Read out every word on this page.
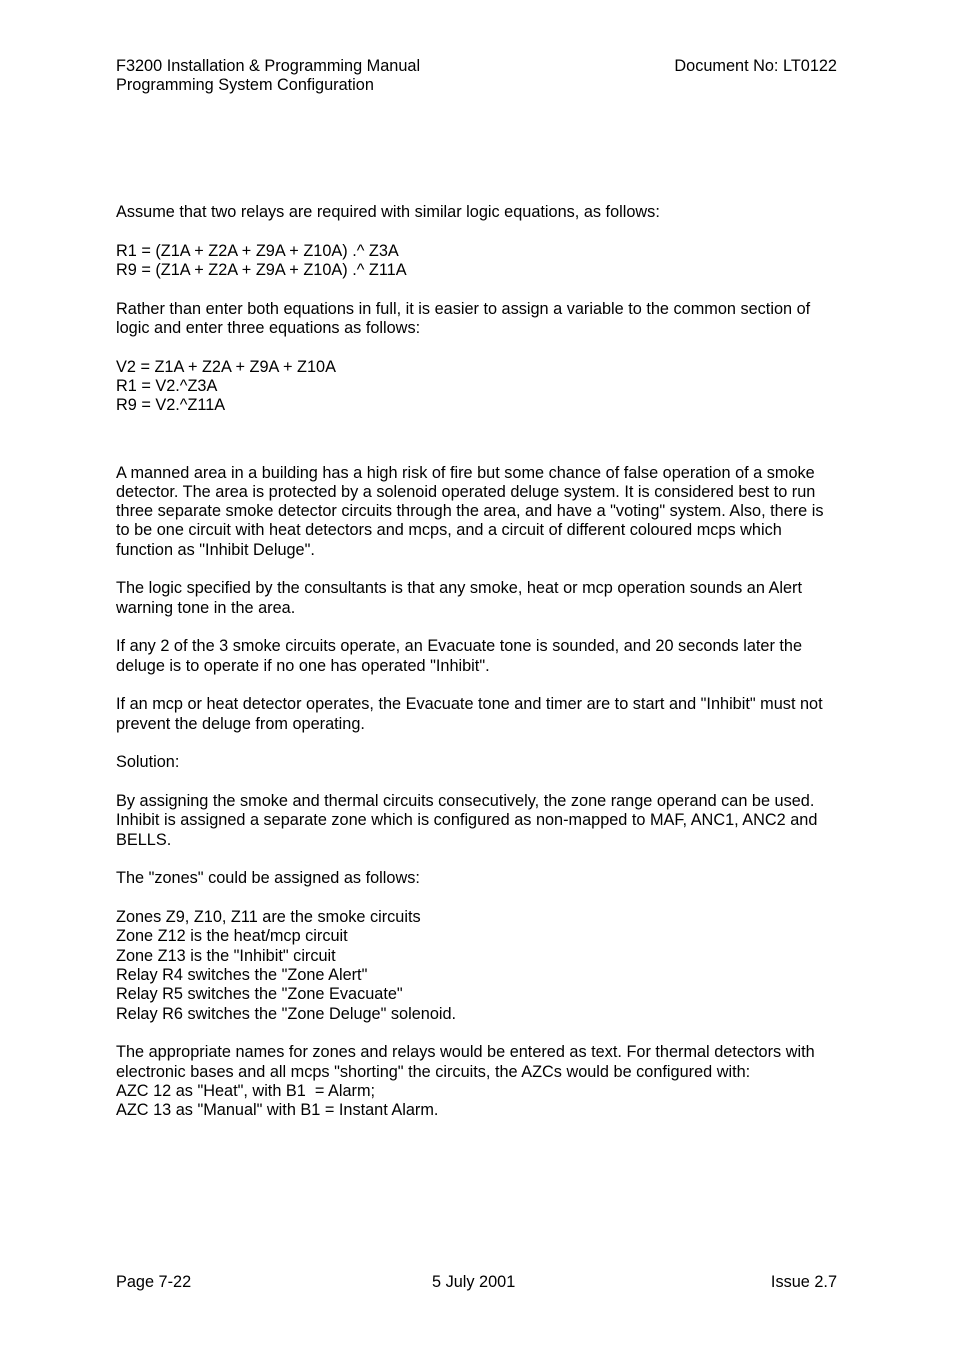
F3200 Installation & Programming Manual	Document No: LT0122
Programming System Configuration

Assume that two relays are required with similar logic equations, as follows:

R1 = (Z1A + Z2A + Z9A + Z10A) .^ Z3A
R9 = (Z1A + Z2A + Z9A + Z10A) .^ Z11A

Rather than enter both equations in full, it is easier to assign a variable to the common section of logic and enter three equations as follows:

V2 = Z1A + Z2A + Z9A + Z10A
R1 = V2.^Z3A
R9 = V2.^Z11A

A manned area in a building has a high risk of fire but some chance of false operation of a smoke detector. The area is protected by a solenoid operated deluge system. It is considered best to run three separate smoke detector circuits through the area, and have a "voting" system. Also, there is to be one circuit with heat detectors and mcps, and a circuit of different coloured mcps which function as "Inhibit Deluge".

The logic specified by the consultants is that any smoke, heat or mcp operation sounds an Alert warning tone in the area.

If any 2 of the 3 smoke circuits operate, an Evacuate tone is sounded, and 20 seconds later the deluge is to operate if no one has operated "Inhibit".

If an mcp or heat detector operates, the Evacuate tone and timer are to start and "Inhibit" must not prevent the deluge from operating.

Solution:

By assigning the smoke and thermal circuits consecutively, the zone range operand can be used. Inhibit is assigned a separate zone which is configured as non-mapped to MAF, ANC1, ANC2 and BELLS.

The "zones" could be assigned as follows:

Zones Z9, Z10, Z11 are the smoke circuits
Zone Z12 is the heat/mcp circuit
Zone Z13 is the "Inhibit" circuit
Relay R4 switches the "Zone Alert"
Relay R5 switches the "Zone Evacuate"
Relay R6 switches the "Zone Deluge" solenoid.

The appropriate names for zones and relays would be entered as text. For thermal detectors with electronic bases and all mcps "shorting" the circuits, the AZCs would be configured with:

AZC 12 as "Heat", with B1  = Alarm;
AZC 13 as "Manual" with B1 = Instant Alarm.

Page 7-22	5 July 2001	Issue 2.7
